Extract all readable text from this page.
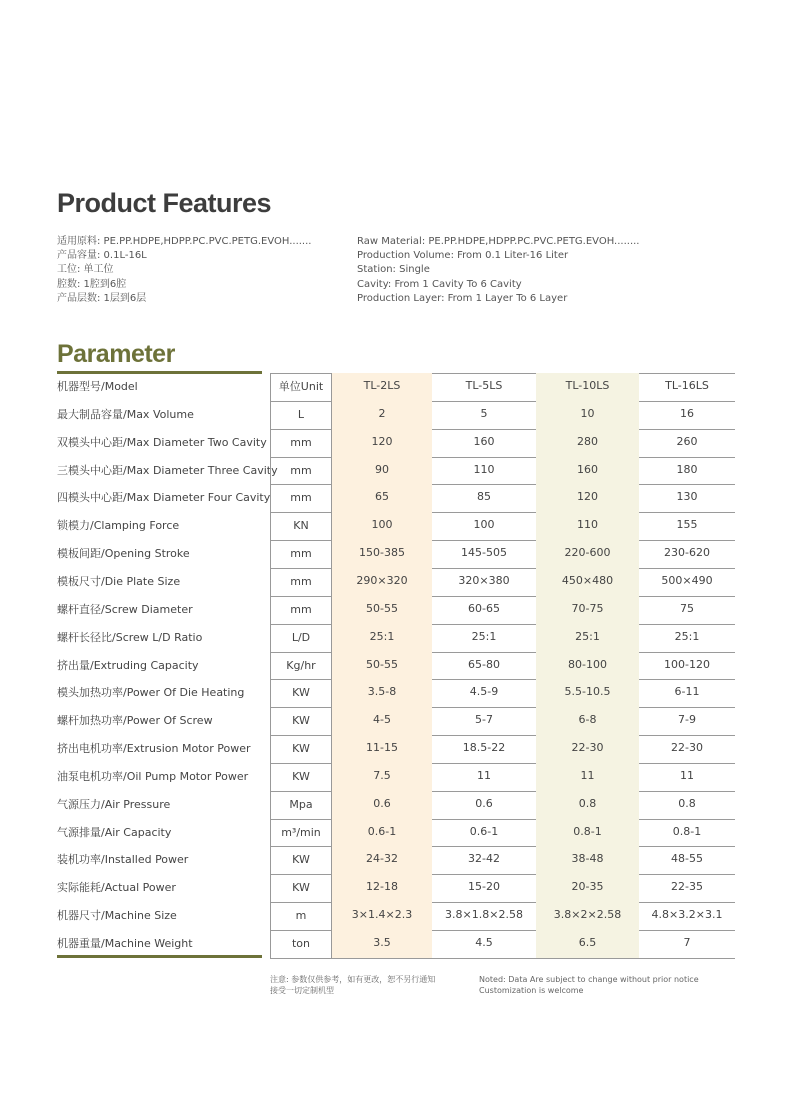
Product Features
适用原料: PE.PP.HDPE,HDPP.PC.PVC.PETG.EVOH.......
产品容量: 0.1L-16L
工位: 单工位
腔数: 1腔到6腔
产品层数: 1层到6层
Raw Material: PE.PP.HDPE,HDPP.PC.PVC.PETG.EVOH........
Production Volume: From 0.1 Liter-16 Liter
Station: Single
Cavity: From 1 Cavity To 6 Cavity
Production Layer: From 1 Layer To 6 Layer
Parameter
机器型号/Model	单位Unit	TL-2LS	TL-5LS	TL-10LS	TL-16LS
最大制品容量/Max Volume	L	2	5	10	16
双模头中心距/Max Diameter Two Cavity	mm	120	160	280	260
三模头中心距/Max Diameter Three Cavity	mm	90	110	160	180
四模头中心距/Max Diameter Four Cavity	mm	65	85	120	130
锁模力/Clamping Force	KN	100	100	110	155
模板间距/Opening Stroke	mm	150-385	145-505	220-600	230-620
模板尺寸/Die Plate Size	mm	290×320	320×380	450×480	500×490
螺杆直径/Screw Diameter	mm	50-55	60-65	70-75	75
螺杆长径比/Screw L/D Ratio	L/D	25:1	25:1	25:1	25:1
挤出量/Extruding Capacity	Kg/hr	50-55	65-80	80-100	100-120
模头加热功率/Power Of Die Heating	KW	3.5-8	4.5-9	5.5-10.5	6-11
螺杆加热功率/Power Of Screw	KW	4-5	5-7	6-8	7-9
挤出电机功率/Extrusion Motor Power	KW	11-15	18.5-22	22-30	22-30
油泵电机功率/Oil Pump Motor Power	KW	7.5	11	11	11
气源压力/Air Pressure	Mpa	0.6	0.6	0.8	0.8
气源排量/Air Capacity	m³/min	0.6-1	0.6-1	0.8-1	0.8-1
装机功率/Installed Power	KW	24-32	32-42	38-48	48-55
实际能耗/Actual Power	KW	12-18	15-20	20-35	22-35
机器尺寸/Machine Size	m	3×1.4×2.3	3.8×1.8×2.58	3.8×2×2.58	4.8×3.2×3.1
机器重量/Machine Weight	ton	3.5	4.5	6.5	7
注意: 参数仅供参考，如有更改，恕不另行通知
接受一切定制机型
Noted: Data Are subject to change without prior notice
Customization is welcome
